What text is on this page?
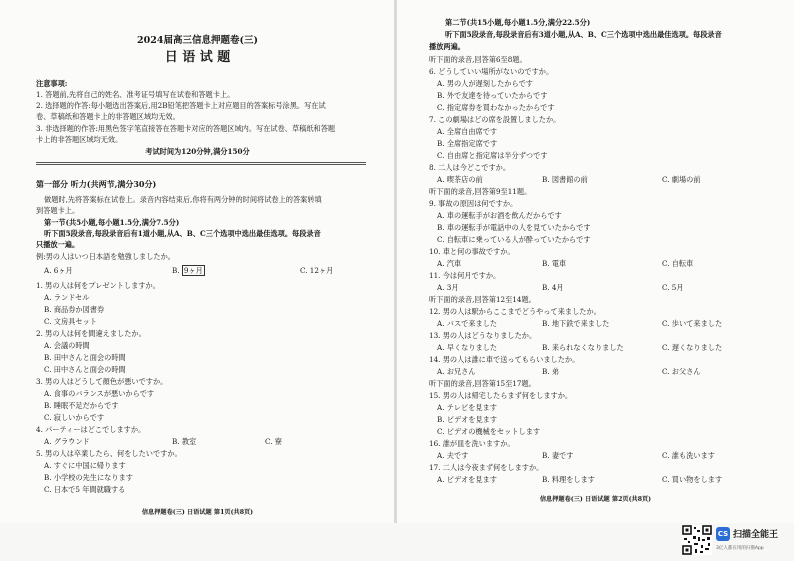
2024届高三信息押题卷(三)
日 语 试 题
注意事项:
1. 答题前,先将自己的姓名、准考证号填写在试卷和答题卡上。
2. 选择题的作答:每小题选出答案后,用2B铅笔把答题卡上对应题目的答案标号涂黑。写在试
卷、草稿纸和答题卡上的非答题区域均无效。
3. 非选择题的作答:用黑色签字笔直接答在答题卡对应的答题区域内。写在试卷、草稿纸和答题
卡上的非答题区域均无效。
考试时间为120分钟,满分150分
第一部分 听力(共两节,满分30分)
做题时,先将答案标在试卷上。录音内容结束后,你将有两分钟的时间将试卷上的答案转填
到答题卡上。
第一节(共5小题,每小题1.5分,满分7.5分)
听下面5段录音,每段录音后有1道小题,从A、B、C三个选项中选出最佳选项。每段录音
只播放一遍。
例:男の人はいつ日本語を勉強しましたか。
A. 6ヶ月	B. 9ヶ月	C. 12ヶ月
1. 男の人は何をプレゼントしますか。
A. ランドセル
B. 商品券か図書券
C. 文房具セット
2. 男の人は何を間違えましたか。
A. 会議の時間
B. 田中さんと面会の時間
C. 田中さんと面会の時間
3. 男の人はどうして顔色が悪いですか。
A. 食事のバランスが悪いからです
B. 睡眠不足だからです
C. 寂しいからです
4. パーティーはどこでしますか。
A. グラウンド	B. 教室	C. 寮
5. 男の人は卒業したら、何をしたいですか。
A. すぐに中国に帰ります
B. 小学校の先生になります
C. 日本で5 年間就職する
信息押题卷(三) 日语试题 第1页(共8页)
第二节(共15小题,每小题1.5分,满分22.5分)
听下面5段录音,每段录音后有3道小题,从A、B、C三个选项中选出最佳选项。每段录音
播放两遍。
听下面的录音,回答第6至8题。
6. どうしていい場所がないのですか。
A. 男の人が遅刻したからです
B. 外で友達を待っていたからです
C. 指定席券を買わなかったからです
7. この劇場はどの席を設置しましたか。
A. 全席自由席です
B. 全席指定席です
C. 自由席と指定席は半分ずつです
8. 二人は今どこですか。
A. 喫茶店の前	B. 図書館の前	C. 劇場の前
听下面的录音,回答第9至11题。
9. 事故の原因は何ですか。
A. 車の運転手がお酒を飲んだからです
B. 車の運転手が電話中の人を見ていたからです
C. 自転車に乗っている人が酔っていたからです
10. 車と何の事故ですか。
A. 汽車	B. 電車	C. 自転車
11. 今は何月ですか。
A. 3月	B. 4月	C. 5月
听下面的录音,回答第12至14题。
12. 男の人は駅からここまでどうやって来ましたか。
A. バスで来ました	B. 地下鉄で来ました	C. 歩いて来ました
13. 男の人はどうなりましたか。
A. 早くなりました	B. 来られなくなりました	C. 遅くなりました
14. 男の人は誰に車で送ってもらいましたか。
A. お兄さん	B. 弟	C. お父さん
听下面的录音,回答第15至17题。
15. 男の人は帰宅したらまず何をしますか。
A. テレビを見ます
B. ビデオを見ます
C. ビデオの機械をセットします
16. 誰が皿を洗いますか。
A. 夫です	B. 妻です	C. 誰も洗います
17. 二人は今夜まず何をしますか。
A. ビデオを見ます	B. 料理をします	C. 買い物をします
信息押题卷(三) 日语试题 第2页(共8页)
CS 扫描全能王
3亿人都在用的扫描App
